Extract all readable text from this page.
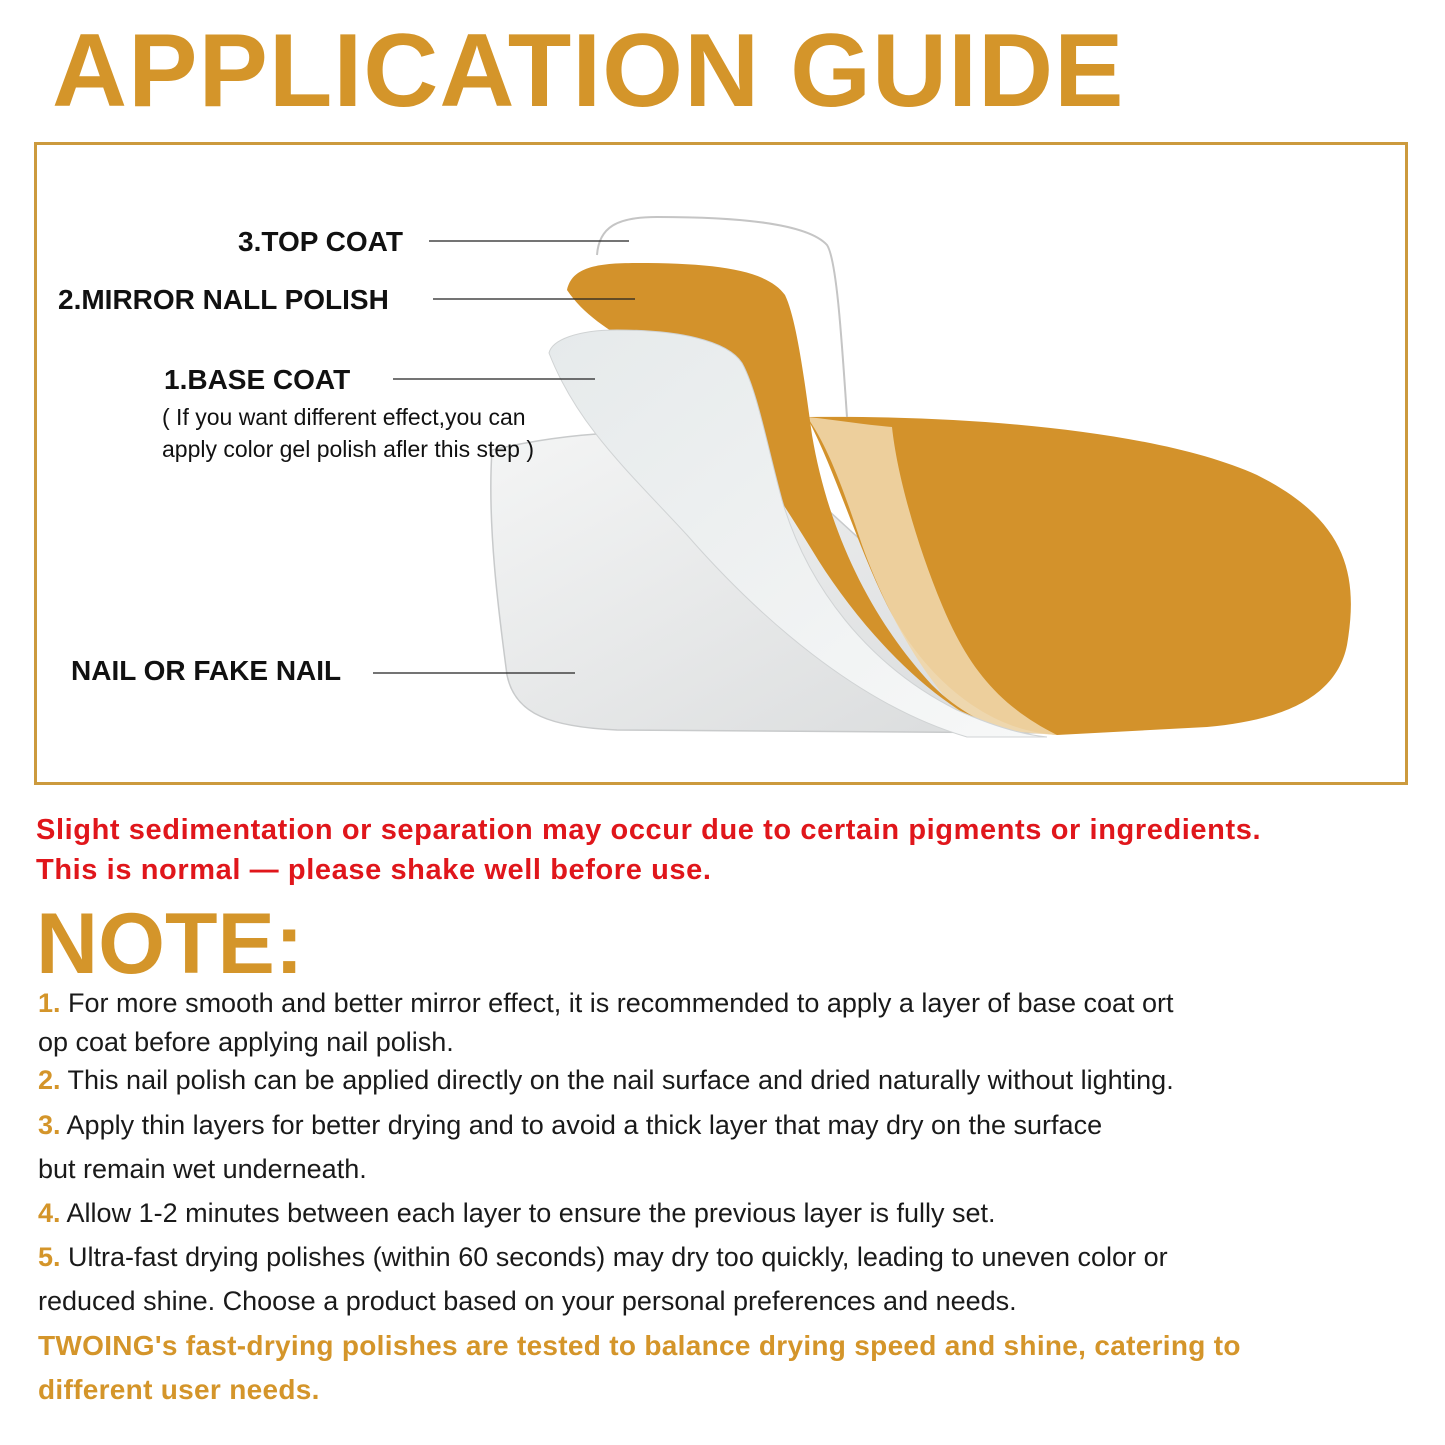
APPLICATION GUIDE
3.TOP COAT
2.MIRROR NALL POLISH
1.BASE COAT
( If you want different effect,you can
apply color gel polish afler this step )
NAIL OR FAKE NAIL
Slight sedimentation or separation may occur due to certain pigments or ingredients.
This is normal — please shake well before use.
NOTE:
1. For more smooth and better mirror effect, it is recommended to apply a layer of base coat ort
op coat before applying nail polish.
2. This nail polish can be applied directly on the nail surface and dried naturally without lighting.
3. Apply thin layers for better drying and to avoid a thick layer that may dry on the surface
but remain wet underneath.
4. Allow 1-2 minutes between each layer to ensure the previous layer is fully set.
5. Ultra-fast drying polishes (within 60 seconds) may dry too quickly, leading to uneven color or
reduced shine. Choose a product based on your personal preferences and needs.
TWOING's fast-drying polishes are tested to balance drying speed and shine, catering to
different user needs.
